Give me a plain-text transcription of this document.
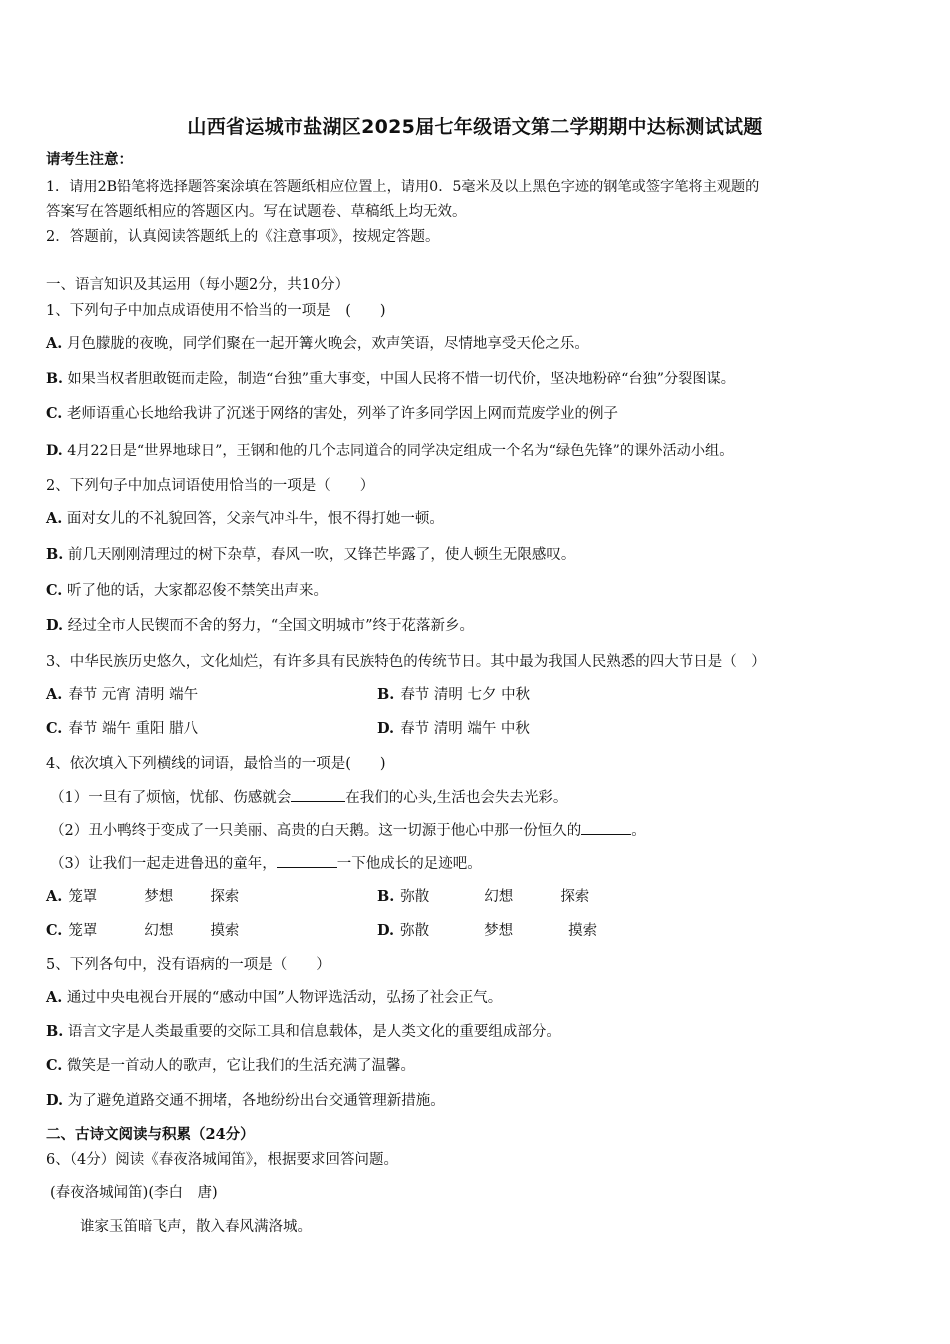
山西省运城市盐湖区2025届七年级语文第二学期期中达标测试试题
请考生注意：
1．请用2B铅笔将选择题答案涂填在答题纸相应位置上，请用0．5毫米及以上黑色字迹的钢笔或签字笔将主观题的
答案写在答题纸相应的答题区内。写在试题卷、草稿纸上均无效。
2．答题前，认真阅读答题纸上的《注意事项》，按规定答题。
一、语言知识及其运用（每小题2分，共10分）
1、下列句子中加点成语使用不恰当的一项是　(　　)
A. 月色朦胧的夜晚，同学们聚在一起开篝火晚会，欢声笑语，尽情地享受天伦之乐。
B. 如果当权者胆敢铤而走险，制造“台独”重大事变，中国人民将不惜一切代价，坚决地粉碎“台独”分裂图谋。
C. 老师语重心长地给我讲了沉迷于网络的害处，列举了许多同学因上网而荒废学业的例子
D. 4月22日是“世界地球日”，王钢和他的几个志同道合的同学决定组成一个名为“绿色先锋”的课外活动小组。
2、下列句子中加点词语使用恰当的一项是（　　）
A. 面对女儿的不礼貌回答，父亲气冲斗牛，恨不得打她一顿。
B. 前几天刚刚清理过的树下杂草，春风一吹，又锋芒毕露了，使人顿生无限感叹。
C. 听了他的话，大家都忍俊不禁笑出声来。
D. 经过全市人民锲而不舍的努力，“全国文明城市”终于花落新乡。
3、中华民族历史悠久，文化灿烂，有许多具有民族特色的传统节日。其中最为我国人民熟悉的四大节日是（　）
A. 春节 元宵 清明 端午	B. 春节 清明 七夕 中秋
C. 春节 端午 重阳 腊八	D. 春节 清明 端午 中秋
4、依次填入下列横线的词语，最恰当的一项是(　　)
（1）一旦有了烦恼，忧郁、伤感就会	在我们的心头,生活也会失去光彩。
（2）丑小鸭终于变成了一只美丽、高贵的白天鹅。这一切源于他心中那一份恒久的	。
（3）让我们一起走进鲁迅的童年，	一下他成长的足迹吧。
A. 笼罩	梦想	探索	B. 弥散	幻想	探索
C. 笼罩	幻想	摸索	D. 弥散	梦想	摸索
5、下列各句中，没有语病的一项是（　　）
A. 通过中央电视台开展的“感动中国”人物评选活动，弘扬了社会正气。
B. 语言文字是人类最重要的交际工具和信息载体，是人类文化的重要组成部分。
C. 微笑是一首动人的歌声，它让我们的生活充满了温馨。
D. 为了避免道路交通不拥堵，各地纷纷出台交通管理新措施。
二、古诗文阅读与积累（24分）
6、（4分）阅读《春夜洛城闻笛》，根据要求回答问题。
(春夜洛城闻笛)(李白　唐)
谁家玉笛暗飞声，散入春风满洛城。
